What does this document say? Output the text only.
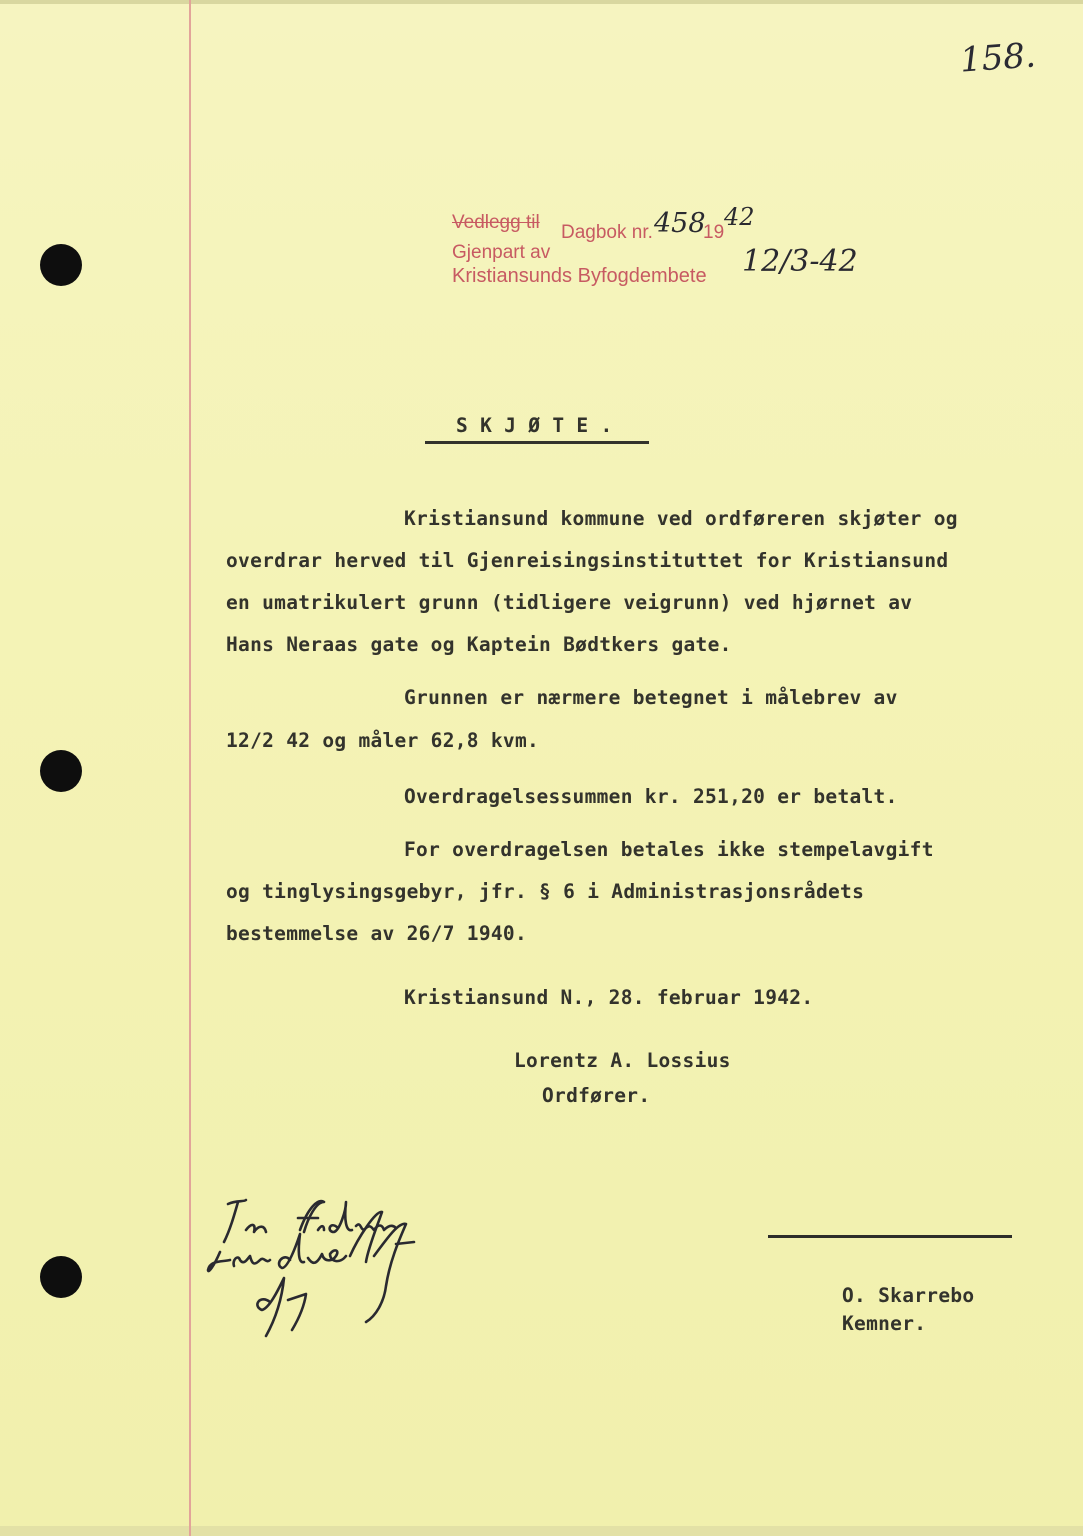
158.
Vedlegg til Dagbok nr. 458
19
42
Gjenpart av
Kristiansunds Byfogdembete 12/3-42
S K J Ø T E .
Kristiansund kommune ved ordføreren skjøter og
overdrar herved til Gjenreisingsinstituttet for Kristiansund
en umatrikulert grunn (tidligere veigrunn) ved hjørnet av
Hans Neraas gate og Kaptein Bødtkers gate.
Grunnen er nærmere betegnet i målebrev av
12/2 42 og måler 62,8 kvm.
Overdragelsessummen kr. 251,20 er betalt.
For overdragelsen betales ikke stempelavgift
og tinglysingsgebyr, jfr. § 6 i Administrasjonsrådets
bestemmelse av 26/7 1940.
Kristiansund N., 28. februar 1942.
Lorentz A. Lossius
Ordfører.
O. Skarrebo
Kemner.
